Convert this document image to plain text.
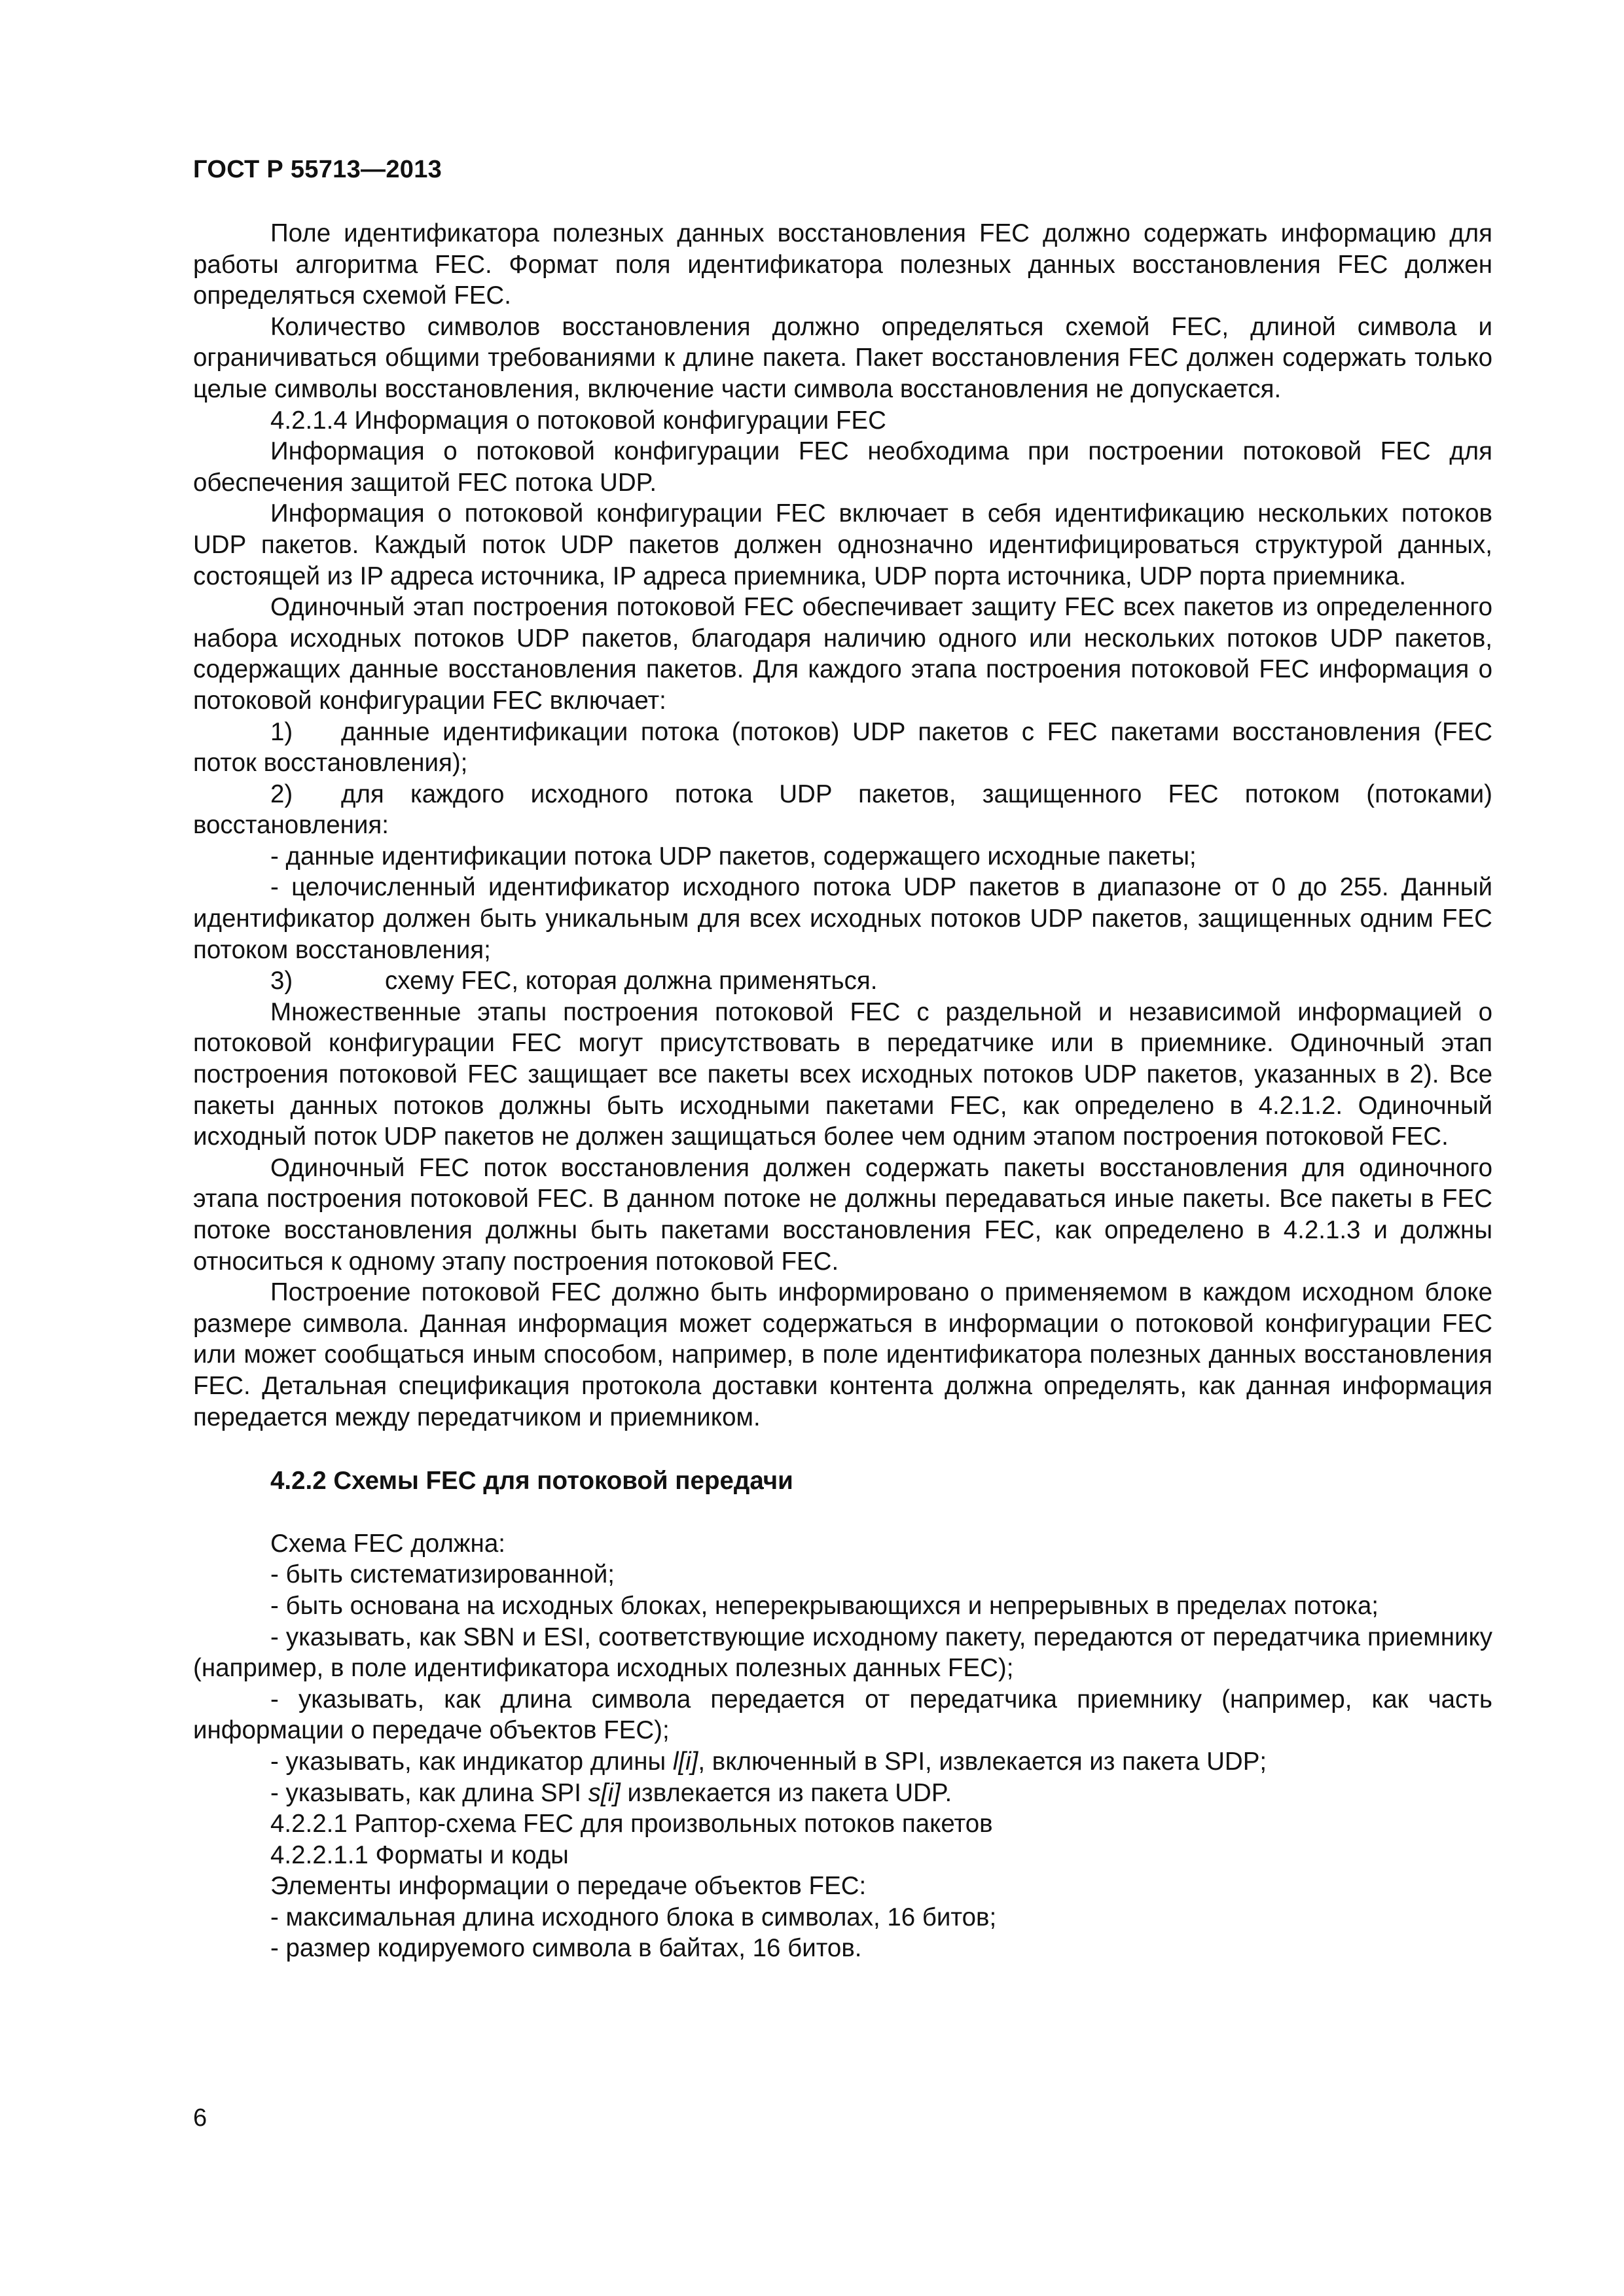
ГОСТ Р 55713—2013

Поле идентификатора полезных данных восстановления FEC должно содержать информацию для работы алгоритма FEC. Формат поля идентификатора полезных данных восстановления FEC должен определяться схемой FEC.

Количество символов восстановления должно определяться схемой FEC, длиной символа и ограничиваться общими требованиями к длине пакета. Пакет восстановления FEC должен содержать только целые символы восстановления, включение части символа восстановления не допускается.

4.2.1.4 Информация о потоковой конфигурации FEC

Информация о потоковой конфигурации FEC необходима при построении потоковой FEC для обеспечения защитой FEC потока UDP.

Информация о потоковой конфигурации FEC включает в себя идентификацию нескольких потоков UDP пакетов. Каждый поток UDP пакетов должен однозначно идентифицироваться структурой данных, состоящей из IP адреса источника, IP адреса приемника, UDP порта источника, UDP порта приемника.

Одиночный этап построения потоковой FEC обеспечивает защиту FEC всех пакетов из определенного набора исходных потоков UDP пакетов, благодаря наличию одного или нескольких потоков UDP пакетов, содержащих данные восстановления пакетов. Для каждого этапа построения потоковой FEC информация о потоковой конфигурации FEC включает:

1) данные идентификации потока (потоков) UDP пакетов с FEC пакетами восстановления (FEC поток восстановления);

2) для каждого исходного потока UDP пакетов, защищенного FEC потоком (потоками) восстановления:

- данные идентификации потока UDP пакетов, содержащего исходные пакеты;

- целочисленный идентификатор исходного потока UDP пакетов в диапазоне от 0 до 255. Данный идентификатор должен быть уникальным для всех исходных потоков UDP пакетов, защищенных одним FEC потоком восстановления;

3)	схему FEC, которая должна применяться.

Множественные этапы построения потоковой FEC с раздельной и независимой информацией о потоковой конфигурации FEC могут присутствовать в передатчике или в приемнике. Одиночный этап построения потоковой FEC защищает все пакеты всех исходных потоков UDP пакетов, указанных в 2). Все пакеты данных потоков должны быть исходными пакетами FEC, как определено в 4.2.1.2. Одиночный исходный поток UDP пакетов не должен защищаться более чем одним этапом построения потоковой FEC.

Одиночный FEC поток восстановления должен содержать пакеты восстановления для одиночного этапа построения потоковой FEC. В данном потоке не должны передаваться иные пакеты. Все пакеты в FEC потоке восстановления должны быть пакетами восстановления FEC, как определено в 4.2.1.3 и должны относиться к одному этапу построения потоковой FEC.

Построение потоковой FEC должно быть информировано о применяемом в каждом исходном блоке размере символа. Данная информация может содержаться в информации о потоковой конфигурации FEC или может сообщаться иным способом, например, в поле идентификатора полезных данных восстановления FEC. Детальная спецификация протокола доставки контента должна определять, как данная информация передается между передатчиком и приемником.

4.2.2 Схемы FEC для потоковой передачи

Схема FEC должна:

- быть систематизированной;

- быть основана на исходных блоках, неперекрывающихся и непрерывных в пределах потока;

- указывать, как SBN и ESI, соответствующие исходному пакету, передаются от передатчика приемнику (например, в поле идентификатора исходных полезных данных FEC);

- указывать, как длина символа передается от передатчика приемнику (например, как часть информации о передаче объектов FEC);

- указывать, как индикатор длины l[i], включенный в SPI, извлекается из пакета UDP;

- указывать, как длина SPI s[i] извлекается из пакета UDP.

4.2.2.1 Раптор-схема FEC для произвольных потоков пакетов

4.2.2.1.1 Форматы и коды

Элементы информации о передаче объектов FEC:

- максимальная длина исходного блока в символах, 16 битов;

- размер кодируемого символа в байтах, 16 битов.

6
